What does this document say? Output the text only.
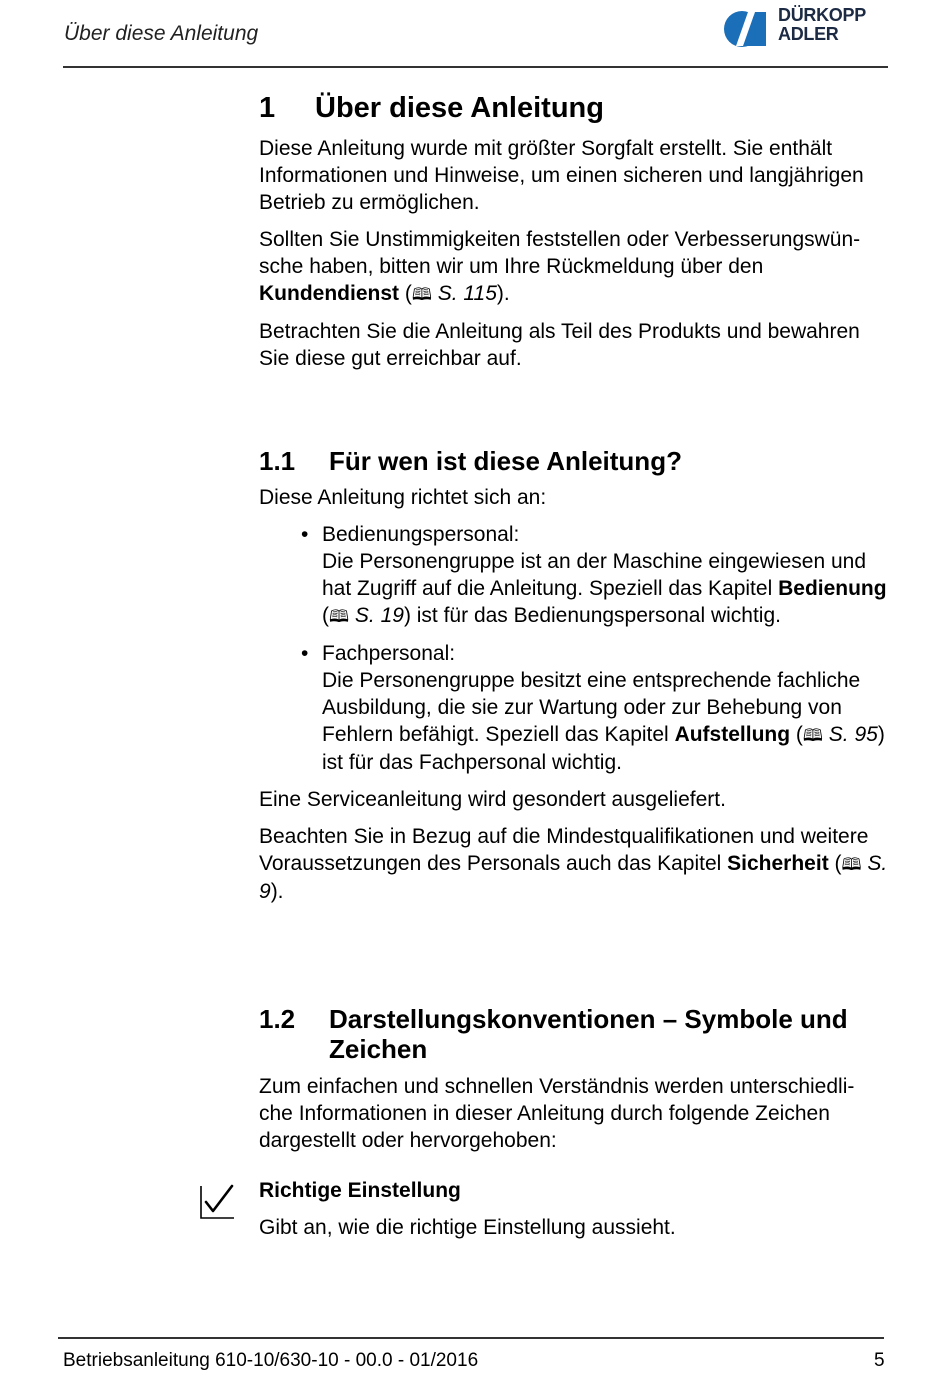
Über diese Anleitung
DÜRKOPP
ADLER
1 Über diese Anleitung

Diese Anleitung wurde mit größter Sorgfalt erstellt. Sie enthält Informationen und Hinweise, um einen sicheren und langjährigen Betrieb zu ermöglichen.

Sollten Sie Unstimmigkeiten feststellen oder Verbesserungswün- sche haben, bitten wir um Ihre Rückmeldung über den Kundendienst (🕮 S. 115).

Betrachten Sie die Anleitung als Teil des Produkts und bewahren Sie diese gut erreichbar auf.

1.1 Für wen ist diese Anleitung?

Diese Anleitung richtet sich an:

• Bedienungspersonal:
Die Personengruppe ist an der Maschine eingewiesen und hat Zugriff auf die Anleitung. Speziell das Kapitel Bedienung (🕮 S. 19) ist für das Bedienungspersonal wichtig.
• Fachpersonal:
Die Personengruppe besitzt eine entsprechende fachliche Ausbildung, die sie zur Wartung oder zur Behebung von Fehlern befähigt. Speziell das Kapitel Aufstellung (🕮 S. 95) ist für das Fachpersonal wichtig.

Eine Serviceanleitung wird gesondert ausgeliefert.

Beachten Sie in Bezug auf die Mindestqualifikationen und weitere Voraussetzungen des Personals auch das Kapitel Sicherheit (🕮 S. 9).

1.2 Darstellungskonventionen – Symbole und Zeichen

Zum einfachen und schnellen Verständnis werden unterschiedli- che Informationen in dieser Anleitung durch folgende Zeichen dargestellt oder hervorgehoben:

Richtige Einstellung

Gibt an, wie die richtige Einstellung aussieht.

Betriebsanleitung 610-10/630-10 - 00.0 - 01/2016	5
